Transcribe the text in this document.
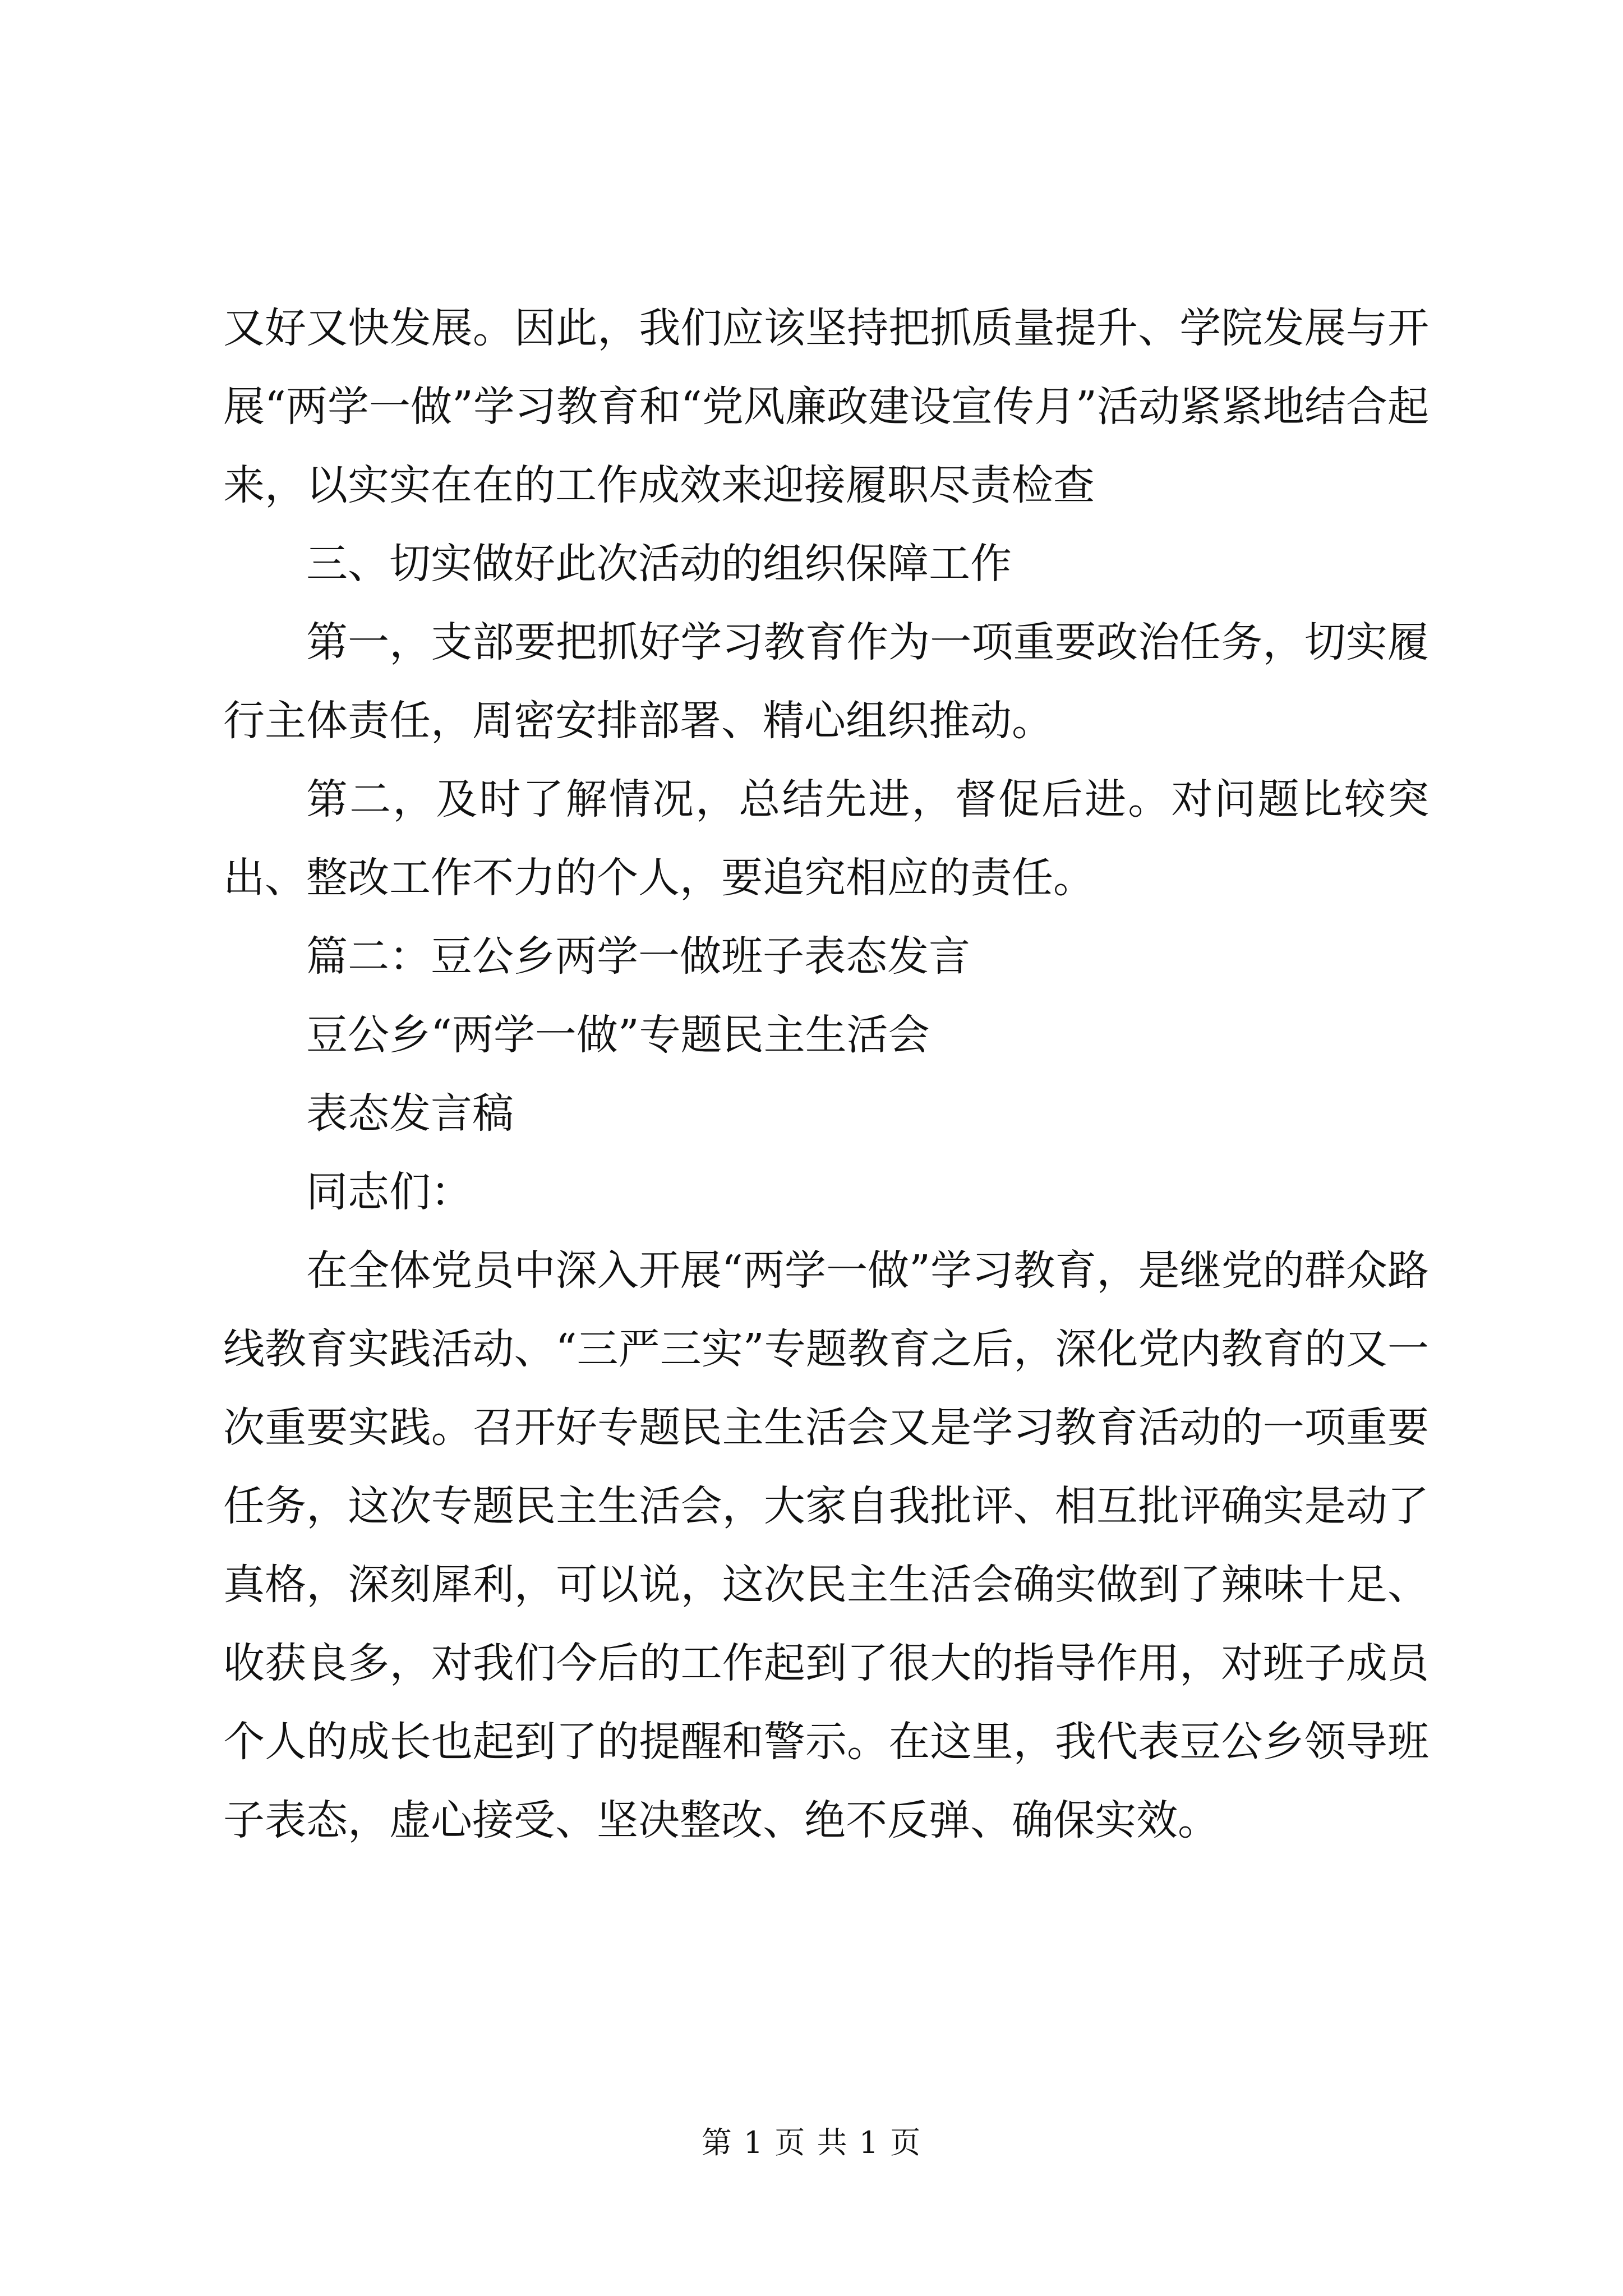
又好又快发展。因此，我们应该坚持把抓质量提升、学院发展与开展“两学一做”学习教育和“党风廉政建设宣传月”活动紧紧地结合起来，以实实在在的工作成效来迎接履职尽责检查

三、切实做好此次活动的组织保障工作

第一，支部要把抓好学习教育作为一项重要政治任务，切实履行主体责任，周密安排部署、精心组织推动。

第二，及时了解情况，总结先进，督促后进。对问题比较突出、整改工作不力的个人，要追究相应的责任。

篇二：豆公乡两学一做班子表态发言

豆公乡“两学一做”专题民主生活会

表态发言稿

同志们：

在全体党员中深入开展“两学一做”学习教育，是继党的群众路线教育实践活动、“三严三实”专题教育之后，深化党内教育的又一次重要实践。召开好专题民主生活会又是学习教育活动的一项重要任务，这次专题民主生活会，大家自我批评、相互批评确实是动了真格，深刻犀利，可以说，这次民主生活会确实做到了辣味十足、收获良多，对我们今后的工作起到了很大的指导作用，对班子成员个人的成长也起到了的提醒和警示。在这里，我代表豆公乡领导班子表态，虚心接受、坚决整改、绝不反弹、确保实效。

第 1 页 共 1 页
